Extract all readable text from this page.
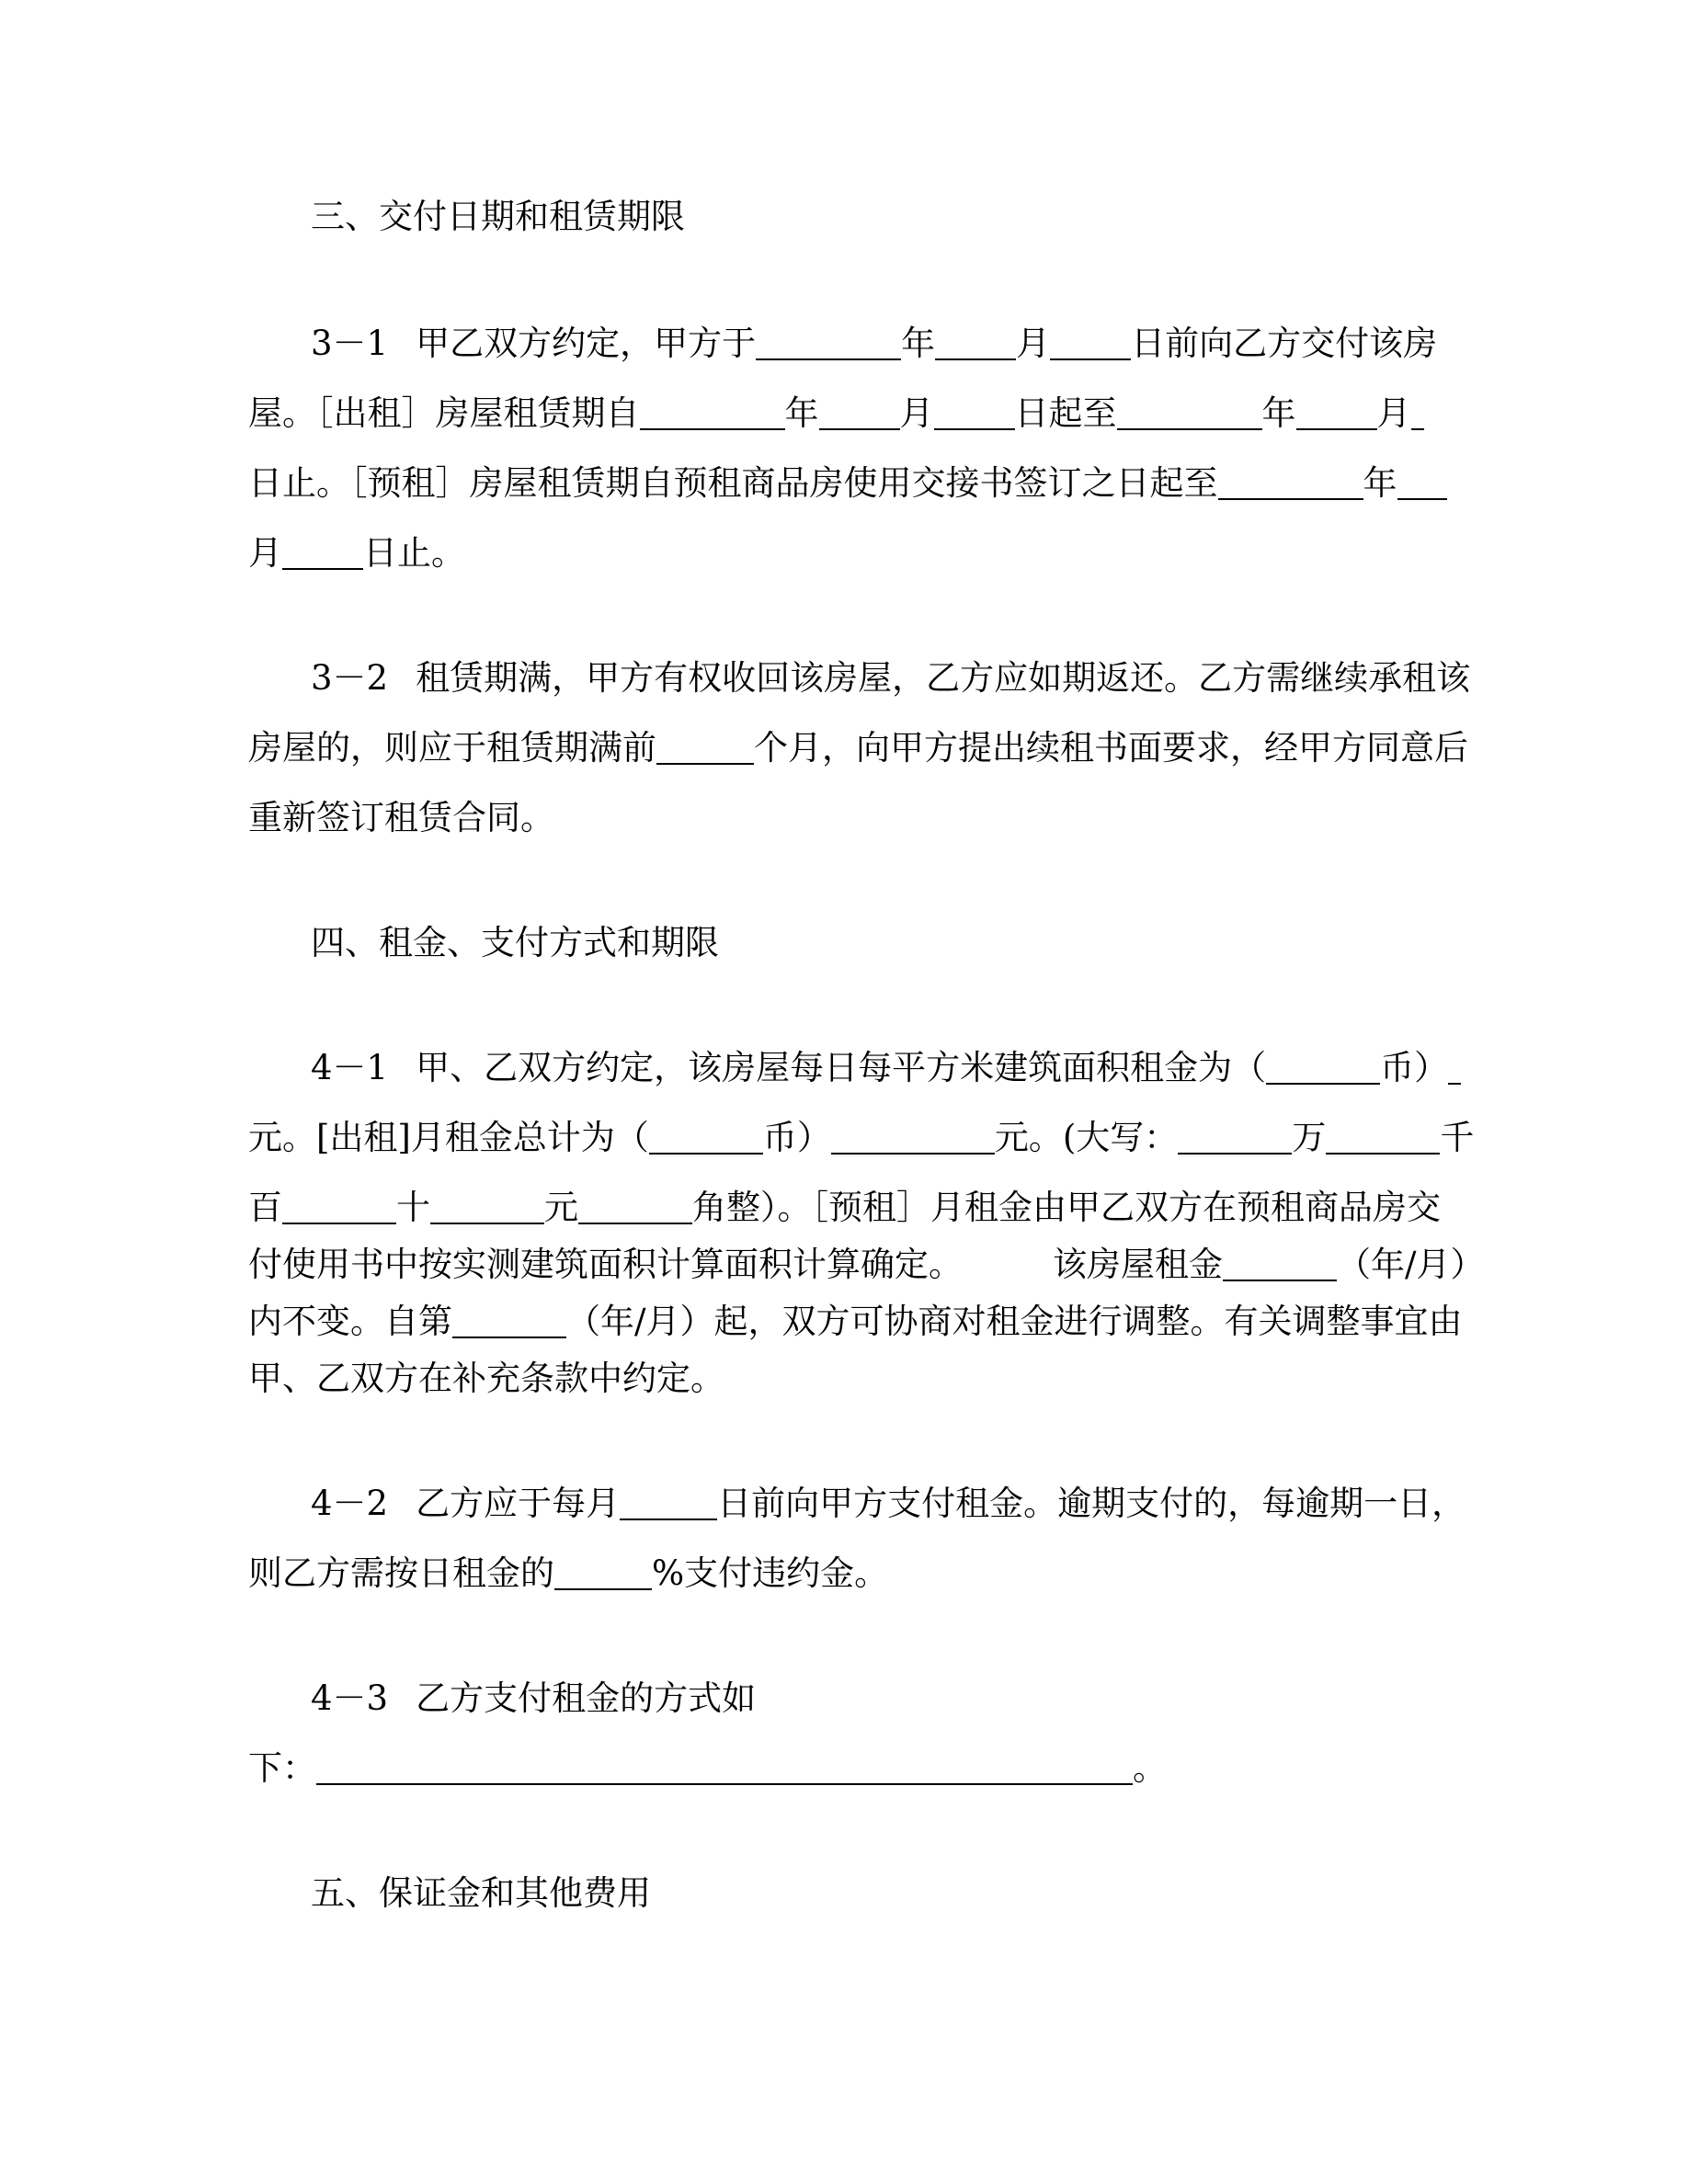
三、交付日期和租赁期限
3－1 甲乙双方约定，甲方于	年 月 日前向乙方交付该房
屋。［出租］房屋租赁期自	年 月 日起至	年 月
日止。［预租］房屋租赁期自预租商品房使用交接书签订之日起至	年
月 日止。
3－2 租赁期满，甲方有权收回该房屋，乙方应如期返还。乙方需继续承租该
房屋的，则应于租赁期满前	个月，向甲方提出续租书面要求，经甲方同意后
重新签订租赁合同。
四、租金、支付方式和期限
4－1 甲、乙双方约定，该房屋每日每平方米建筑面积租金为（	币）
元。[出租]月租金总计为（	币）	元。(大写：	万	千
百	十	元	角整）。［预租］月租金由甲乙双方在预租商品房交
付使用书中按实测建筑面积计算面积计算确定。	该房屋租金	（年/月）
内不变。自第	（年/月）起，双方可协商对租金进行调整。有关调整事宜由
甲、乙双方在补充条款中约定。
4－2 乙方应于每月	日前向甲方支付租金。逾期支付的，每逾期一日，
则乙方需按日租金的	%支付违约金。
4－3 乙方支付租金的方式如
下：	。
五、保证金和其他费用
